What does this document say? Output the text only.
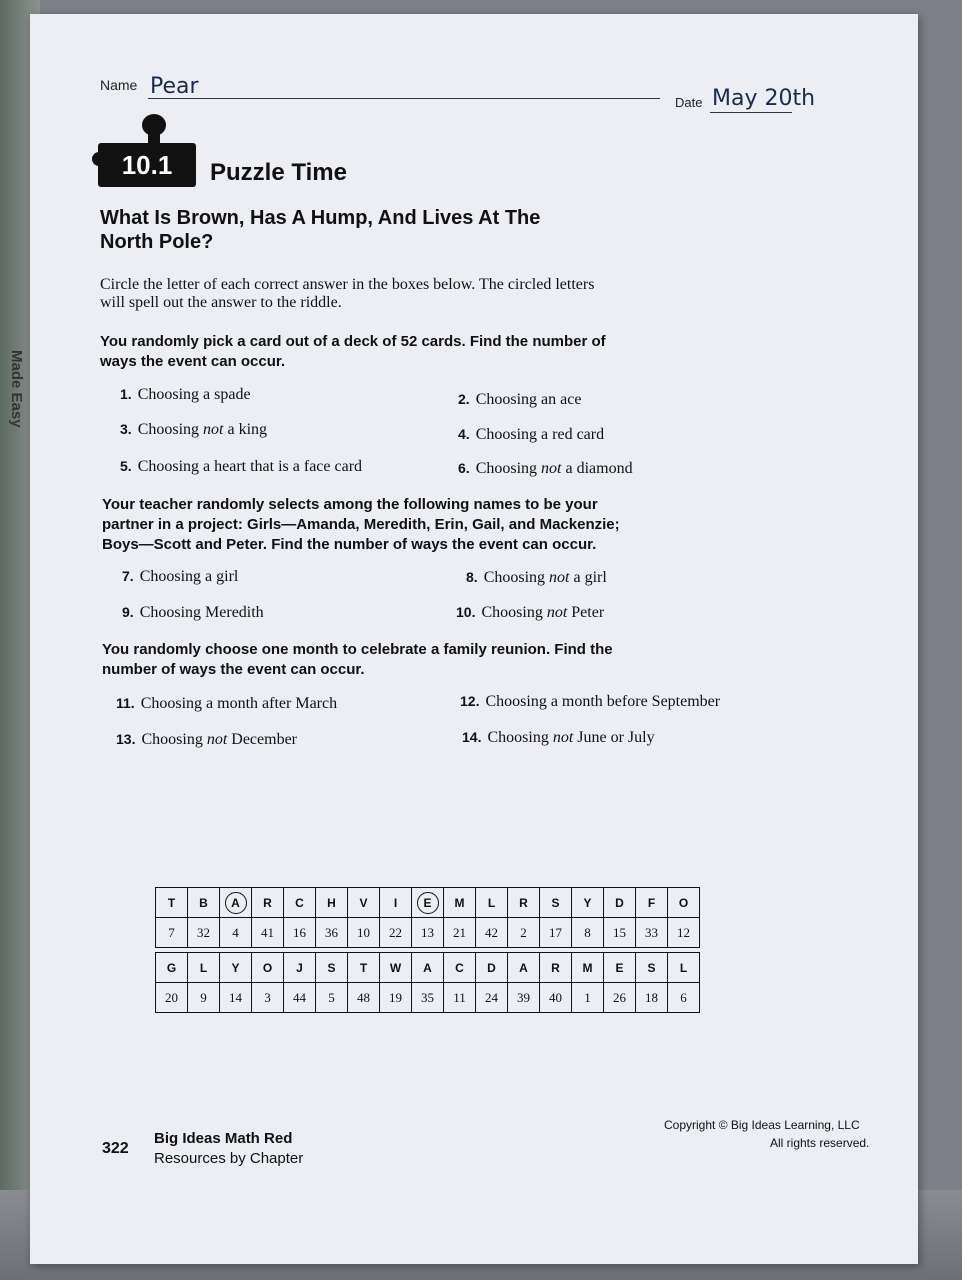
Made Easy
Name Pear
Date May 20th
10.1	Puzzle Time
What Is Brown, Has A Hump, And Lives At The
North Pole?
Circle the letter of each correct answer in the boxes below. The circled letters
will spell out the answer to the riddle.
You randomly pick a card out of a deck of 52 cards. Find the number of
ways the event can occur.
1. Choosing a spade	2. Choosing an ace
3. Choosing not a king	4. Choosing a red card
5. Choosing a heart that is a face card	6. Choosing not a diamond
Your teacher randomly selects among the following names to be your
partner in a project: Girls—Amanda, Meredith, Erin, Gail, and Mackenzie;
Boys—Scott and Peter. Find the number of ways the event can occur.
7. Choosing a girl	8. Choosing not a girl
9. Choosing Meredith	10. Choosing not Peter
You randomly choose one month to celebrate a family reunion. Find the
number of ways the event can occur.
11. Choosing a month after March	12. Choosing a month before September
13. Choosing not December	14. Choosing not June or July
T	B	A	R	C	H	V	I	E	M	L	R	S	Y	D	F	O
7	32	4	41	16	36	10	22	13	21	42	2	17	8	15	33	12

G	L	Y	O	J	S	T	W	A	C	D	A	R	M	E	S	L
20	9	14	3	44	5	48	19	35	11	24	39	40	1	26	18	6
322
Big Ideas Math Red
Resources by Chapter
Copyright © Big Ideas Learning, LLC
All rights reserved.
